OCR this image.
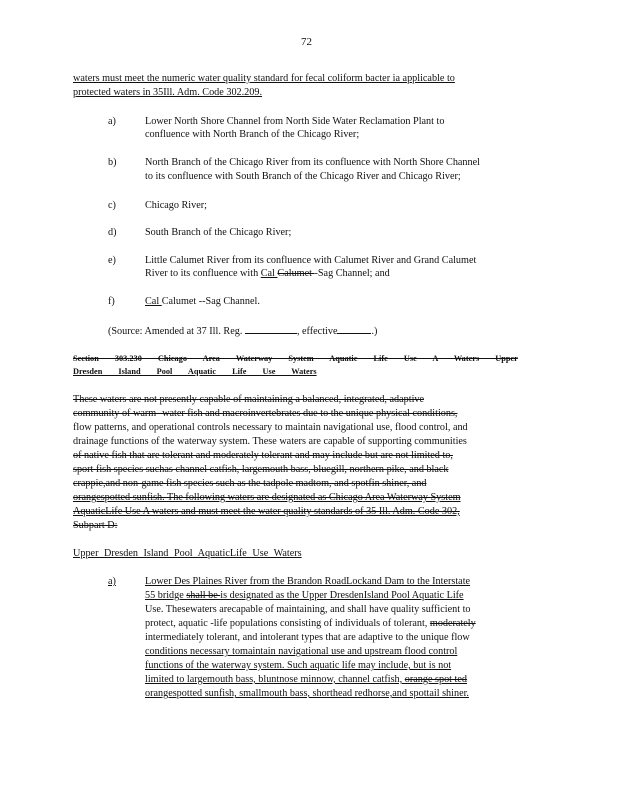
72
waters must meet the numeric water quality standard for fecal coliform bacter ia applicable to
protected waters in 35Ill. Adm. Code 302.209.
a)	Lower North Shore Channel from North Side Water Reclamation Plant to
confluence with North Branch of the Chicago River;
b)	North Branch of the Chicago River from its confluence with North Shore Channel
to its confluence with South Branch of the Chicago River and Chicago River;
c)	Chicago River;
d)	South Branch of the Chicago River;
e)	Little Calumet River from its confluence with Calumet River and Grand Calumet
River to its confluence with Cal Calumet -Sag Channel; and
f)	Cal Calumet --Sag Channel.
(Source: Amended at 37 Ill. Reg.	, effective	.)
Section 303.230 Chicago Area Waterway System Aquatic Life Use A Waters Upper
Dresden Island Pool Aquatic Life Use Waters
These waters are not presently capable of maintaining a balanced, integrated, adaptive
community of warm -water fish and macroinvertebrates due to the unique physical conditions,
flow patterns, and operational controls necessary to maintain navigational use, flood control, and
drainage functions of the waterway system. These waters are capable of supporting communities
of native fish that are tolerant and moderately tolerant and may include but are not limited to,
sport fish species suchas channel catfish, largemouth bass, bluegill, northern pike, and black
crappie,and non-game fish species such as the tadpole madtom, and spotfin shiner, and
orangespotted sunfish. The following waters are designated as Chicago Area Waterway System
AquaticLife Use A waters and must meet the water quality standards of 35 Ill. Adm. Code 302,
Subpart D:
Upper Dresden Island Pool AquaticLife Use Waters
a)	Lower Des Plaines River from the Brandon RoadLockand Dam to the Interstate
55 bridge shall be is designated as the Upper DresdenIsland Pool Aquatic Life
Use. Thesewaters arecapable of maintaining, and shall have quality sufficient to
protect, aquatic -life populations consisting of individuals of tolerant, moderately
intermediately tolerant, and intolerant types that are adaptive to the unique flow
conditions necessary tomaintain navigational use and upstream flood control
functions of the waterway system. Such aquatic life may include, but is not
limited to largemouth bass, bluntnose minnow, channel catfish, orange spot ted
orangespotted sunfish, smallmouth bass, shorthead redhorse,and spottail shiner.
